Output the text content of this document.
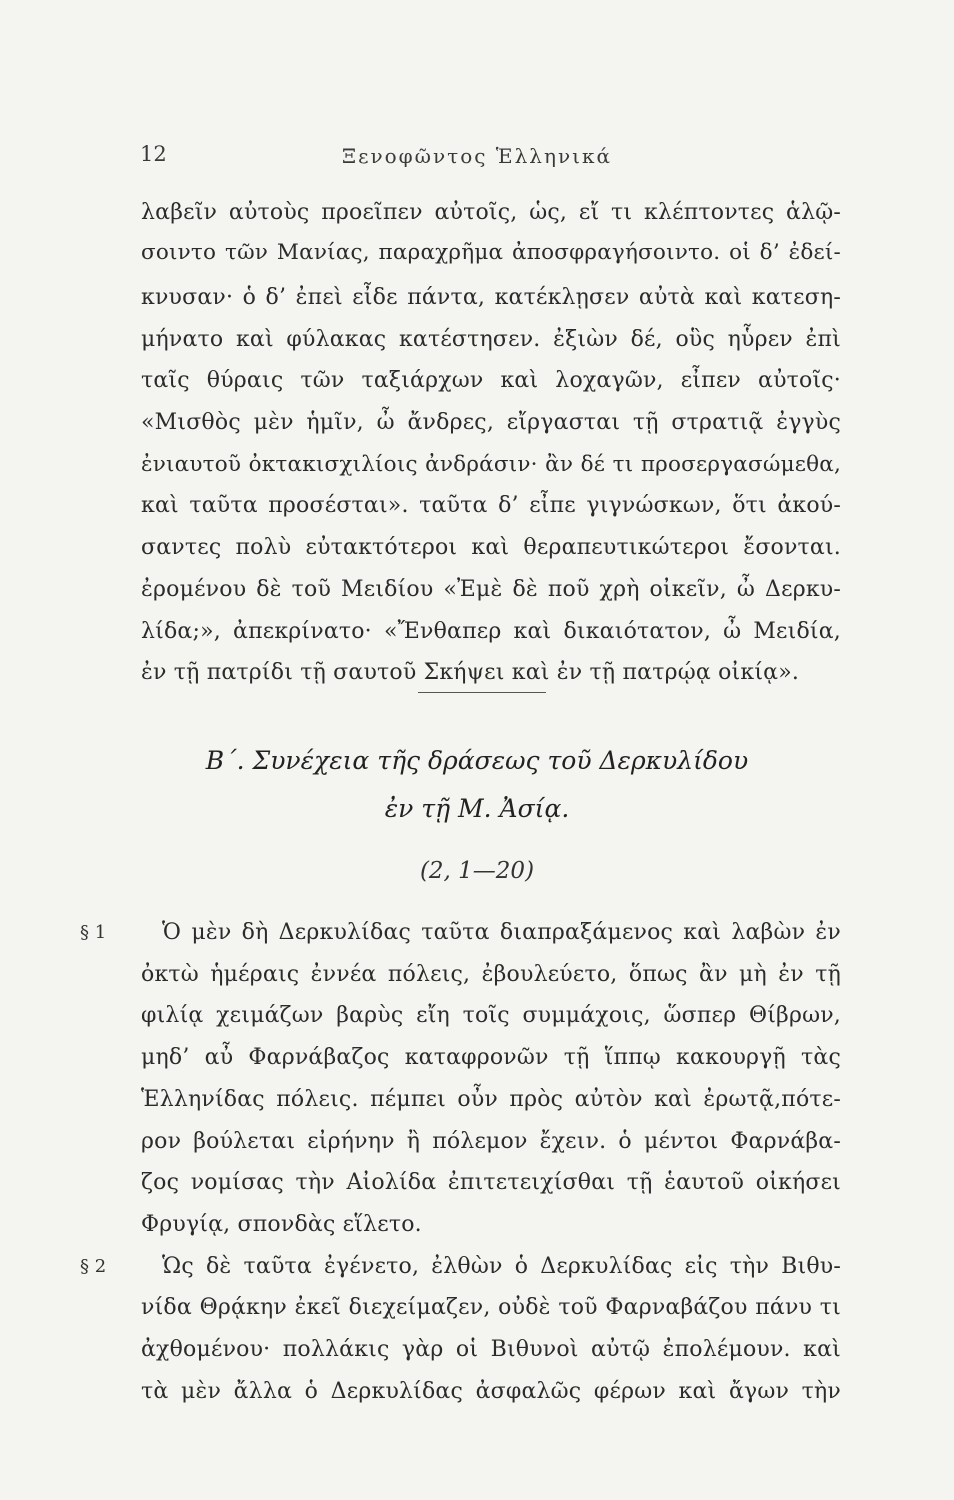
12	Ξενοφῶντος Ἑλληνικά
λαβεῖν αὐτοὺς προεῖπεν αὐτοῖς, ὡς, εἴ τι κλέπτοντες ἁλῷ-
σοιντο τῶν Μανίας, παραχρῆμα ἀποσφραγήσοιντο. οἱ δ’ ἐδεί-
κνυσαν· ὁ δ’ ἐπεὶ εἶδε πάντα, κατέκλῃσεν αὐτὰ καὶ κατεση-
μήνατο καὶ φύλακας κατέστησεν. ἐξιὼν δέ, οὓς ηὗρεν ἐπὶ
ταῖς θύραις τῶν ταξιάρχων καὶ λοχαγῶν, εἶπεν αὐτοῖς·
«Μισθὸς μὲν ἡμῖν, ὦ ἄνδρες, εἴργασται τῇ στρατιᾷ ἐγγὺς
ἐνιαυτοῦ ὀκτακισχιλίοις ἀνδράσιν· ἂν δέ τι προσεργασώμεθα,
καὶ ταῦτα προσέσται». ταῦτα δ’ εἶπε γιγνώσκων, ὅτι ἀκού-
σαντες πολὺ εὐτακτότεροι καὶ θεραπευτικώτεροι ἔσονται.
ἐρομένου δὲ τοῦ Μειδίου «Ἐμὲ δὲ ποῦ χρὴ οἰκεῖν, ὦ Δερκυ-
λίδα;», ἀπεκρίνατο· «Ἔνθαπερ καὶ δικαιότατον, ὦ Μειδία,
ἐν τῇ πατρίδι τῇ σαυτοῦ Σκήψει καὶ ἐν τῇ πατρῴᾳ οἰκίᾳ».
Β΄. Συνέχεια τῆς δράσεως τοῦ Δερκυλίδου
ἐν τῇ Μ. Ἀσίᾳ.
(2, 1—20)
§ 1	Ὁ μὲν δὴ Δερκυλίδας ταῦτα διαπραξάμενος καὶ λαβὼν ἐν
ὀκτὼ ἡμέραις ἐννέα πόλεις, ἐβουλεύετο, ὅπως ἂν μὴ ἐν τῇ
φιλίᾳ χειμάζων βαρὺς εἴη τοῖς συμμάχοις, ὥσπερ Θίβρων,
μηδ’ αὖ Φαρνάβαζος καταφρονῶν τῇ ἵππῳ κακουργῇ τὰς
Ἑλληνίδας πόλεις. πέμπει οὖν πρὸς αὐτὸν καὶ ἐρωτᾷ,πότε-
ρον βούλεται εἰρήνην ἢ πόλεμον ἔχειν. ὁ μέντοι Φαρνάβα-
ζος νομίσας τὴν Αἰολίδα ἐπιτετειχίσθαι τῇ ἑαυτοῦ οἰκήσει
Φρυγίᾳ, σπονδὰς εἵλετο.
§ 2	Ὡς δὲ ταῦτα ἐγένετο, ἐλθὼν ὁ Δερκυλίδας εἰς τὴν Βιθυ-
νίδα Θρᾴκην ἐκεῖ διεχείμαζεν, οὐδὲ τοῦ Φαρναβάζου πάνυ τι
ἀχθομένου· πολλάκις γὰρ οἱ Βιθυνοὶ αὐτῷ ἐπολέμουν. καὶ
τὰ μὲν ἄλλα ὁ Δερκυλίδας ἀσφαλῶς φέρων καὶ ἄγων τὴν
